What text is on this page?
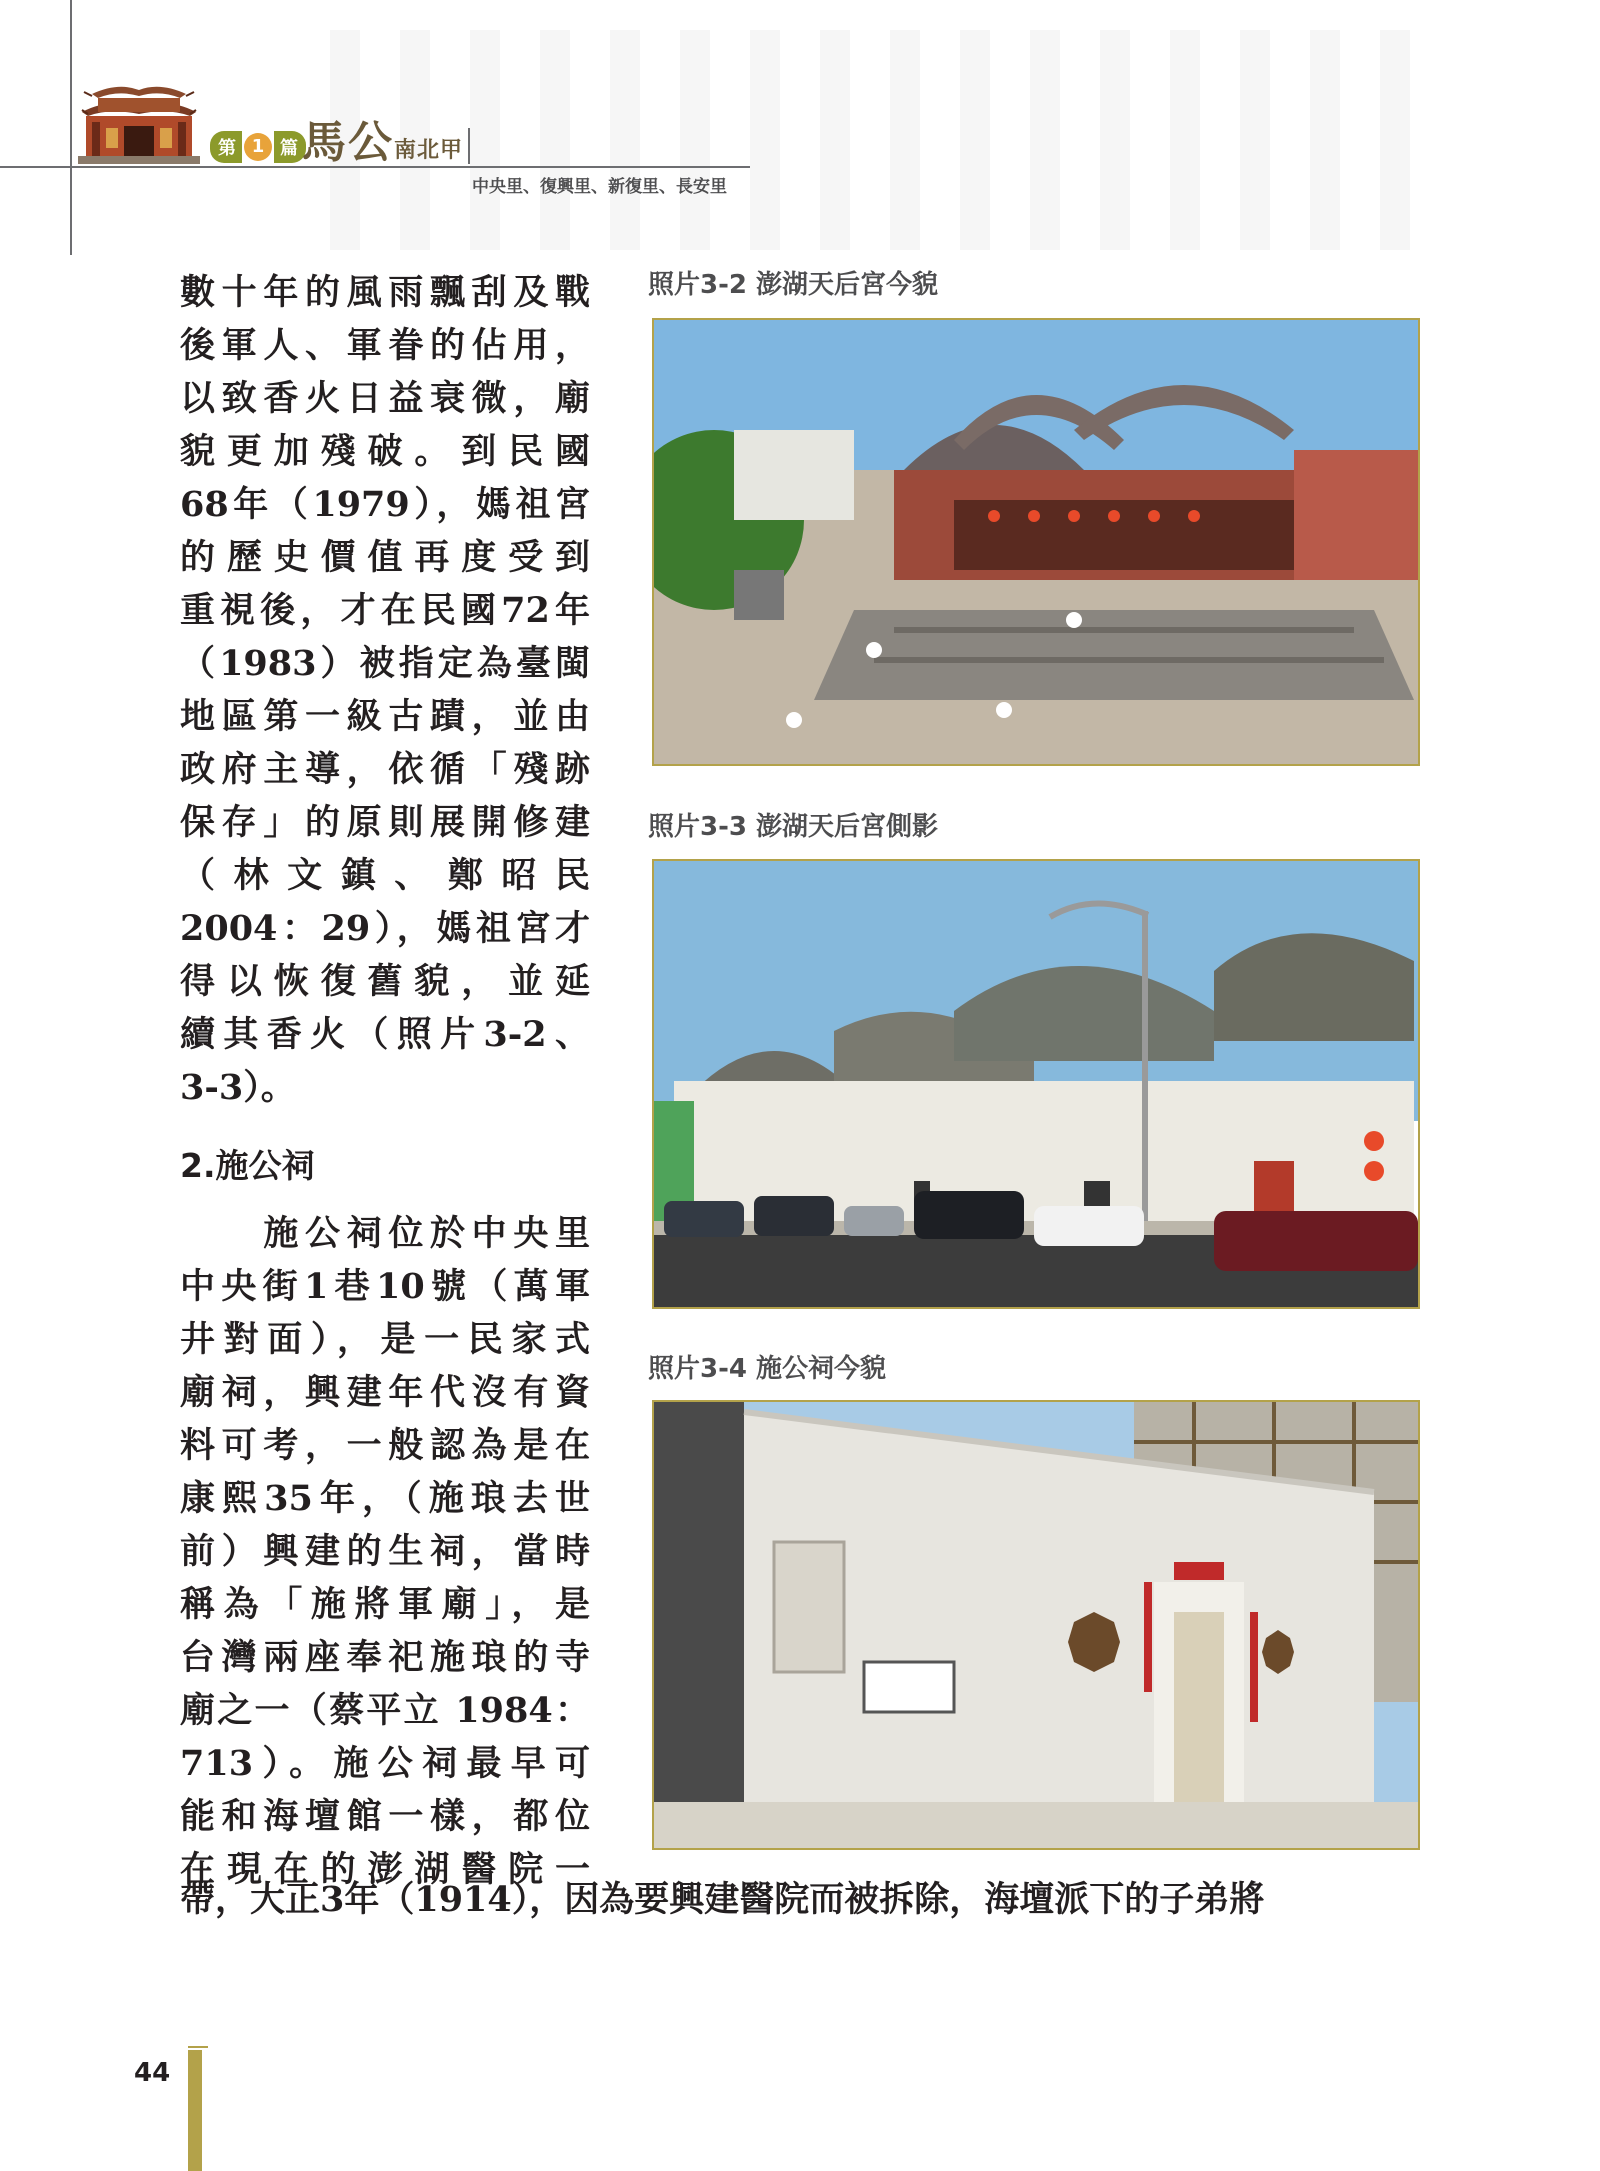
第 1 篇 馬公南北甲
中央里、復興里、新復里、長安里
數十年的風雨飄刮及戰
後軍人、軍眷的佔用，
以致香火日益衰微，廟
貌更加殘破。到民國
68年（1979），媽祖宮
的歷史價值再度受到
重視後，才在民國72年
（1983）被指定為臺閩
地區第一級古蹟，並由
政府主導，依循「殘跡
保存」的原則展開修建
（林文鎮、鄭昭民
2004：29），媽祖宮才
得以恢復舊貌，並延
續其香火（照片3-2、
3-3）。
2.施公祠
　　施公祠位於中央里
中央街1巷10號（萬軍
井對面），是一民家式
廟祠，興建年代沒有資
料可考，一般認為是在
康熙35年，（施琅去世
前）興建的生祠，當時
稱為「施將軍廟」，是
台灣兩座奉祀施琅的寺
廟之一（蔡平立 1984：
713）。施公祠最早可
能和海壇館一樣，都位
在現在的澎湖醫院一
帶，大正3年（1914），因為要興建醫院而被拆除，海壇派下的子弟將
照片3-2 澎湖天后宮今貌
照片3-3 澎湖天后宮側影
照片3-4 施公祠今貌
44
